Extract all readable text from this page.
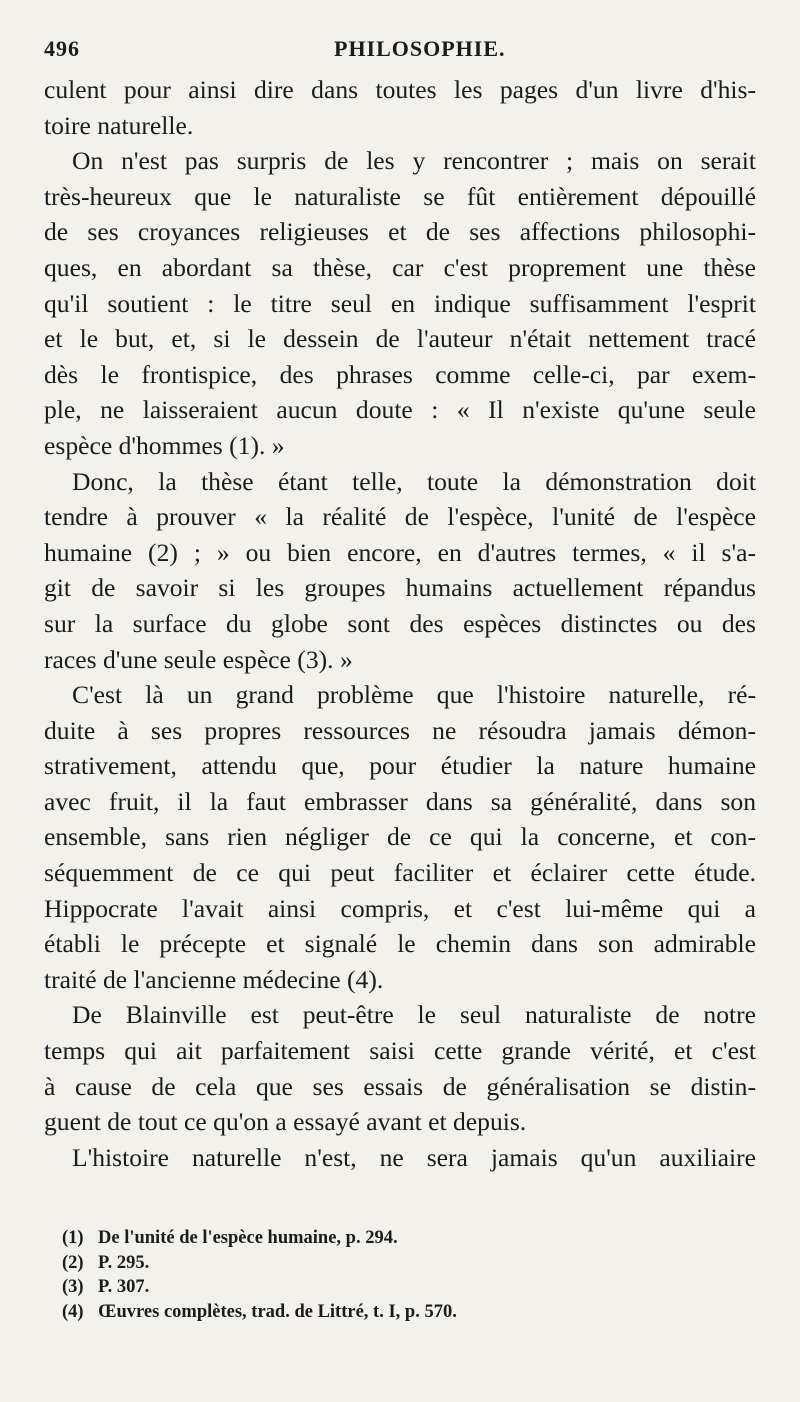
496	PHILOSOPHIE.
culent pour ainsi dire dans toutes les pages d'un livre d'his-
toire naturelle.
On n'est pas surpris de les y rencontrer ; mais on serait
très-heureux que le naturaliste se fût entièrement dépouillé
de ses croyances religieuses et de ses affections philosophi-
ques, en abordant sa thèse, car c'est proprement une thèse
qu'il soutient : le titre seul en indique suffisamment l'esprit
et le but, et, si le dessein de l'auteur n'était nettement tracé
dès le frontispice, des phrases comme celle-ci, par exem-
ple, ne laisseraient aucun doute : « Il n'existe qu'une seule
espèce d'hommes (1). »
Donc, la thèse étant telle, toute la démonstration doit
tendre à prouver « la réalité de l'espèce, l'unité de l'espèce
humaine (2) ; » ou bien encore, en d'autres termes, « il s'a-
git de savoir si les groupes humains actuellement répandus
sur la surface du globe sont des espèces distinctes ou des
races d'une seule espèce (3). »
C'est là un grand problème que l'histoire naturelle, ré-
duite à ses propres ressources ne résoudra jamais démon-
strativement, attendu que, pour étudier la nature humaine
avec fruit, il la faut embrasser dans sa généralité, dans son
ensemble, sans rien négliger de ce qui la concerne, et con-
séquemment de ce qui peut faciliter et éclairer cette étude.
Hippocrate l'avait ainsi compris, et c'est lui-même qui a
établi le précepte et signalé le chemin dans son admirable
traité de l'ancienne médecine (4).
De Blainville est peut-être le seul naturaliste de notre
temps qui ait parfaitement saisi cette grande vérité, et c'est
à cause de cela que ses essais de généralisation se distin-
guent de tout ce qu'on a essayé avant et depuis.
L'histoire naturelle n'est, ne sera jamais qu'un auxiliaire
(1) De l'unité de l'espèce humaine, p. 294.
(2) P. 295.
(3) P. 307.
(4) Œuvres complètes, trad. de Littré, t. I, p. 570.
